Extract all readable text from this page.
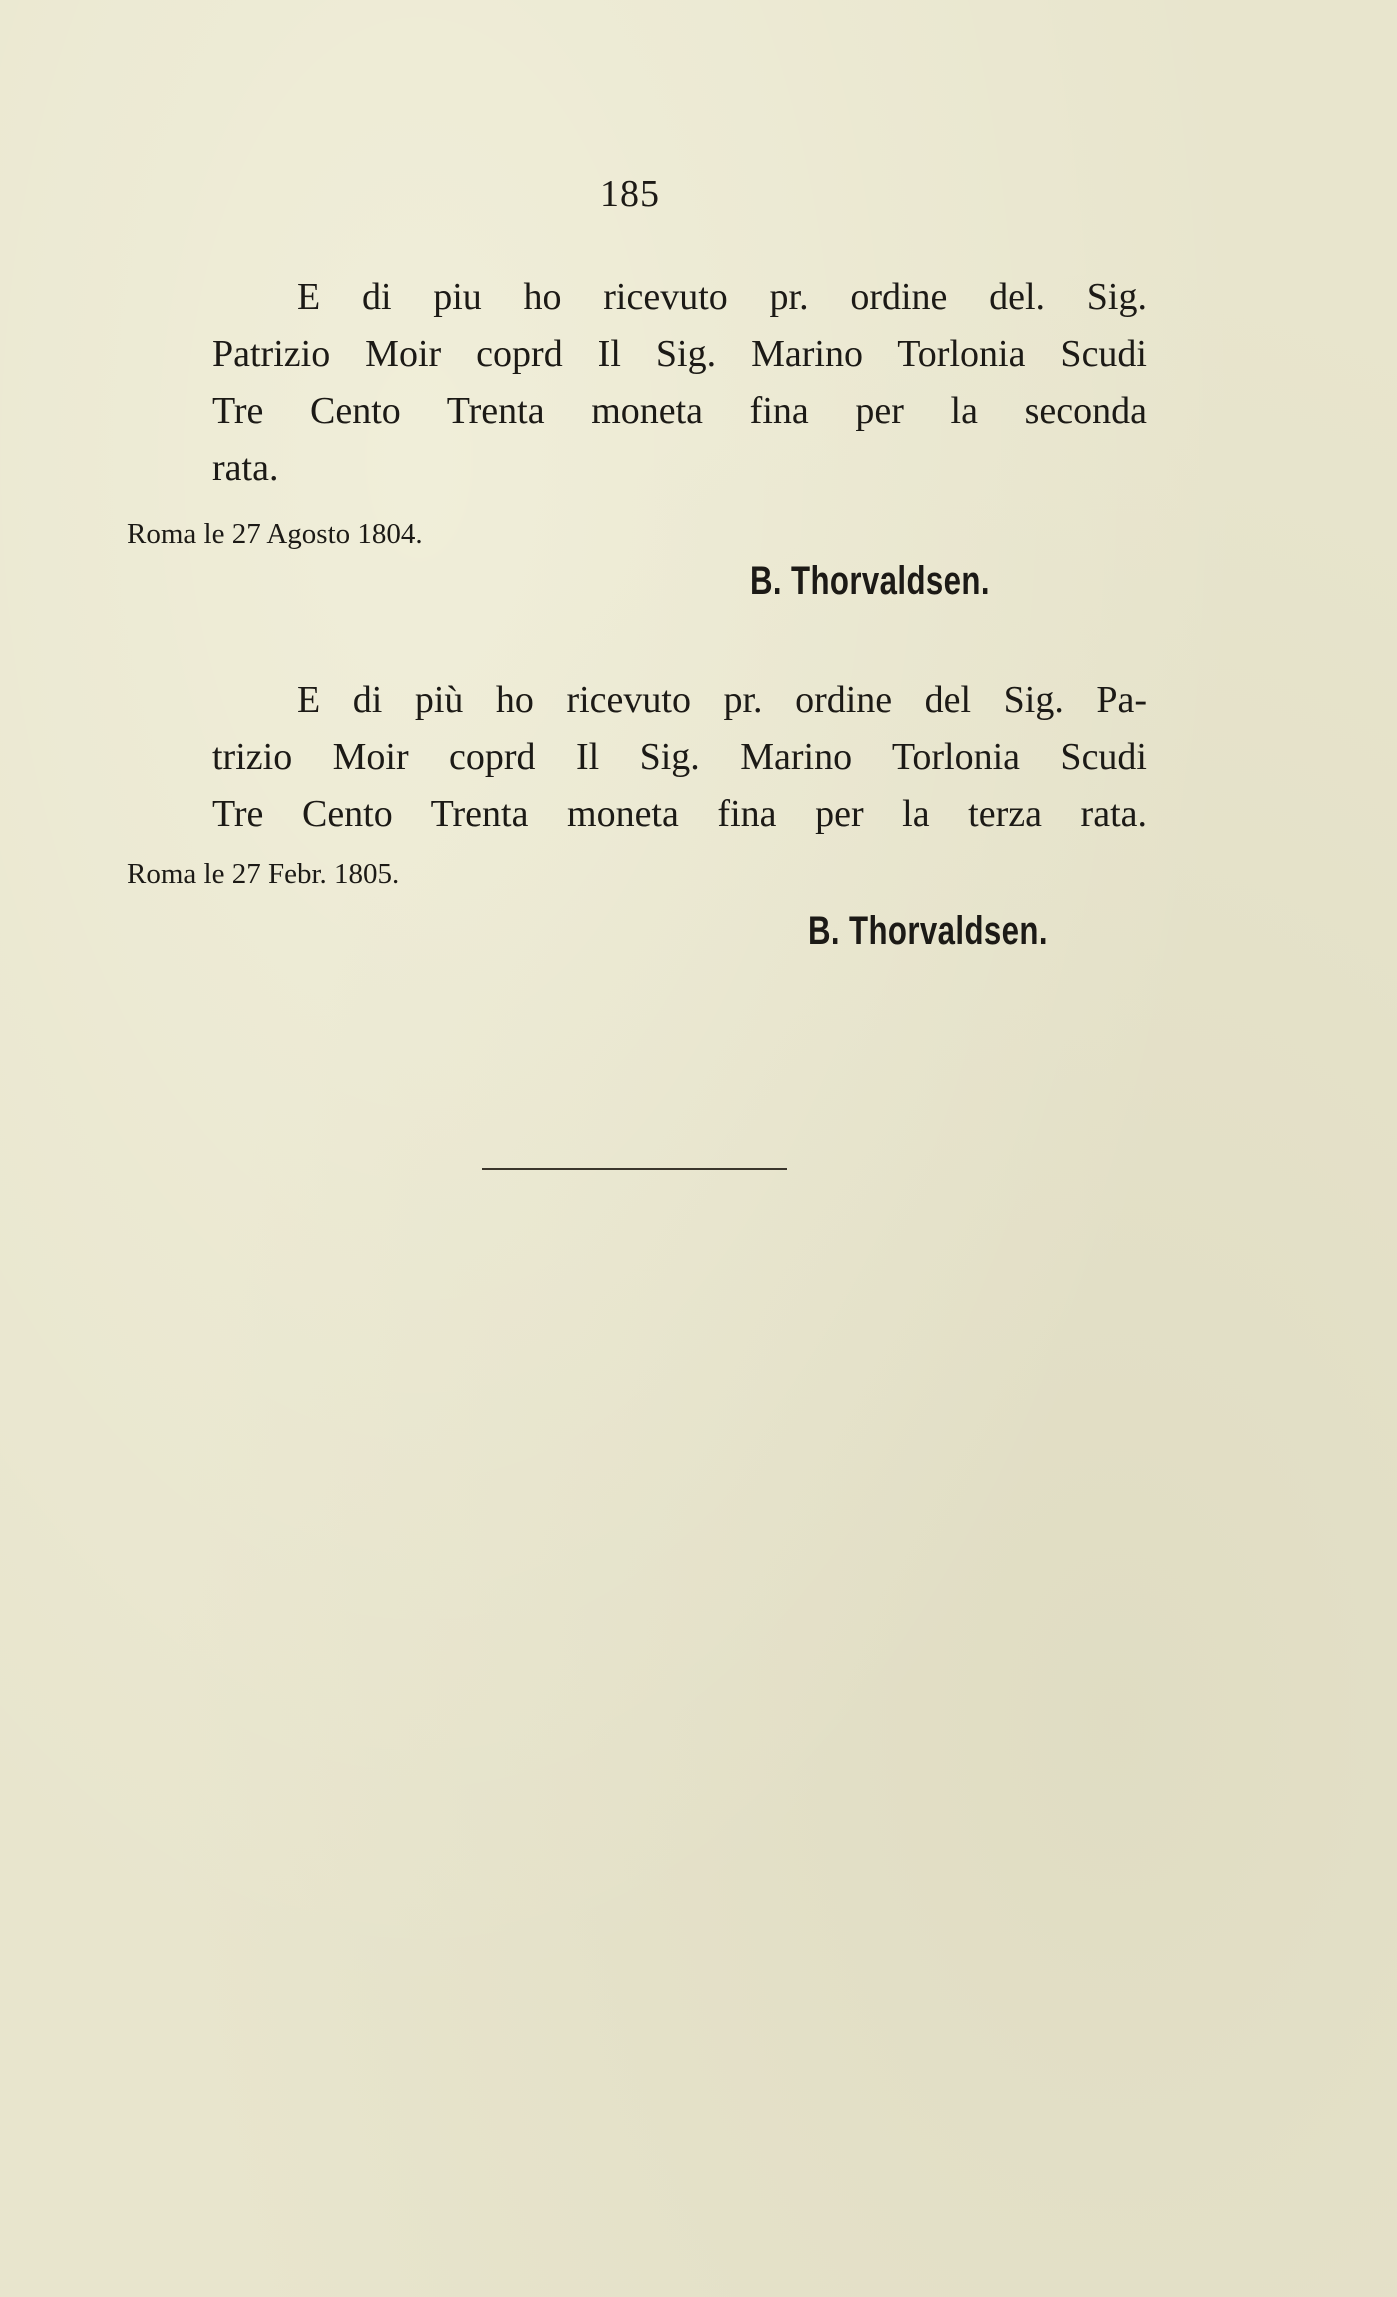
185
E di piu ho ricevuto pr. ordine del. Sig.
Patrizio Moir coprd Il Sig. Marino Torlonia Scudi
Tre Cento Trenta moneta fina per la seconda
rata.
Roma le 27 Agosto 1804.
B. Thorvaldsen.
E di più ho ricevuto pr. ordine del Sig. Pa-
trizio Moir coprd Il Sig. Marino Torlonia Scudi
Tre Cento Trenta moneta fina per la terza rata.
Roma le 27 Febr. 1805.
B. Thorvaldsen.
